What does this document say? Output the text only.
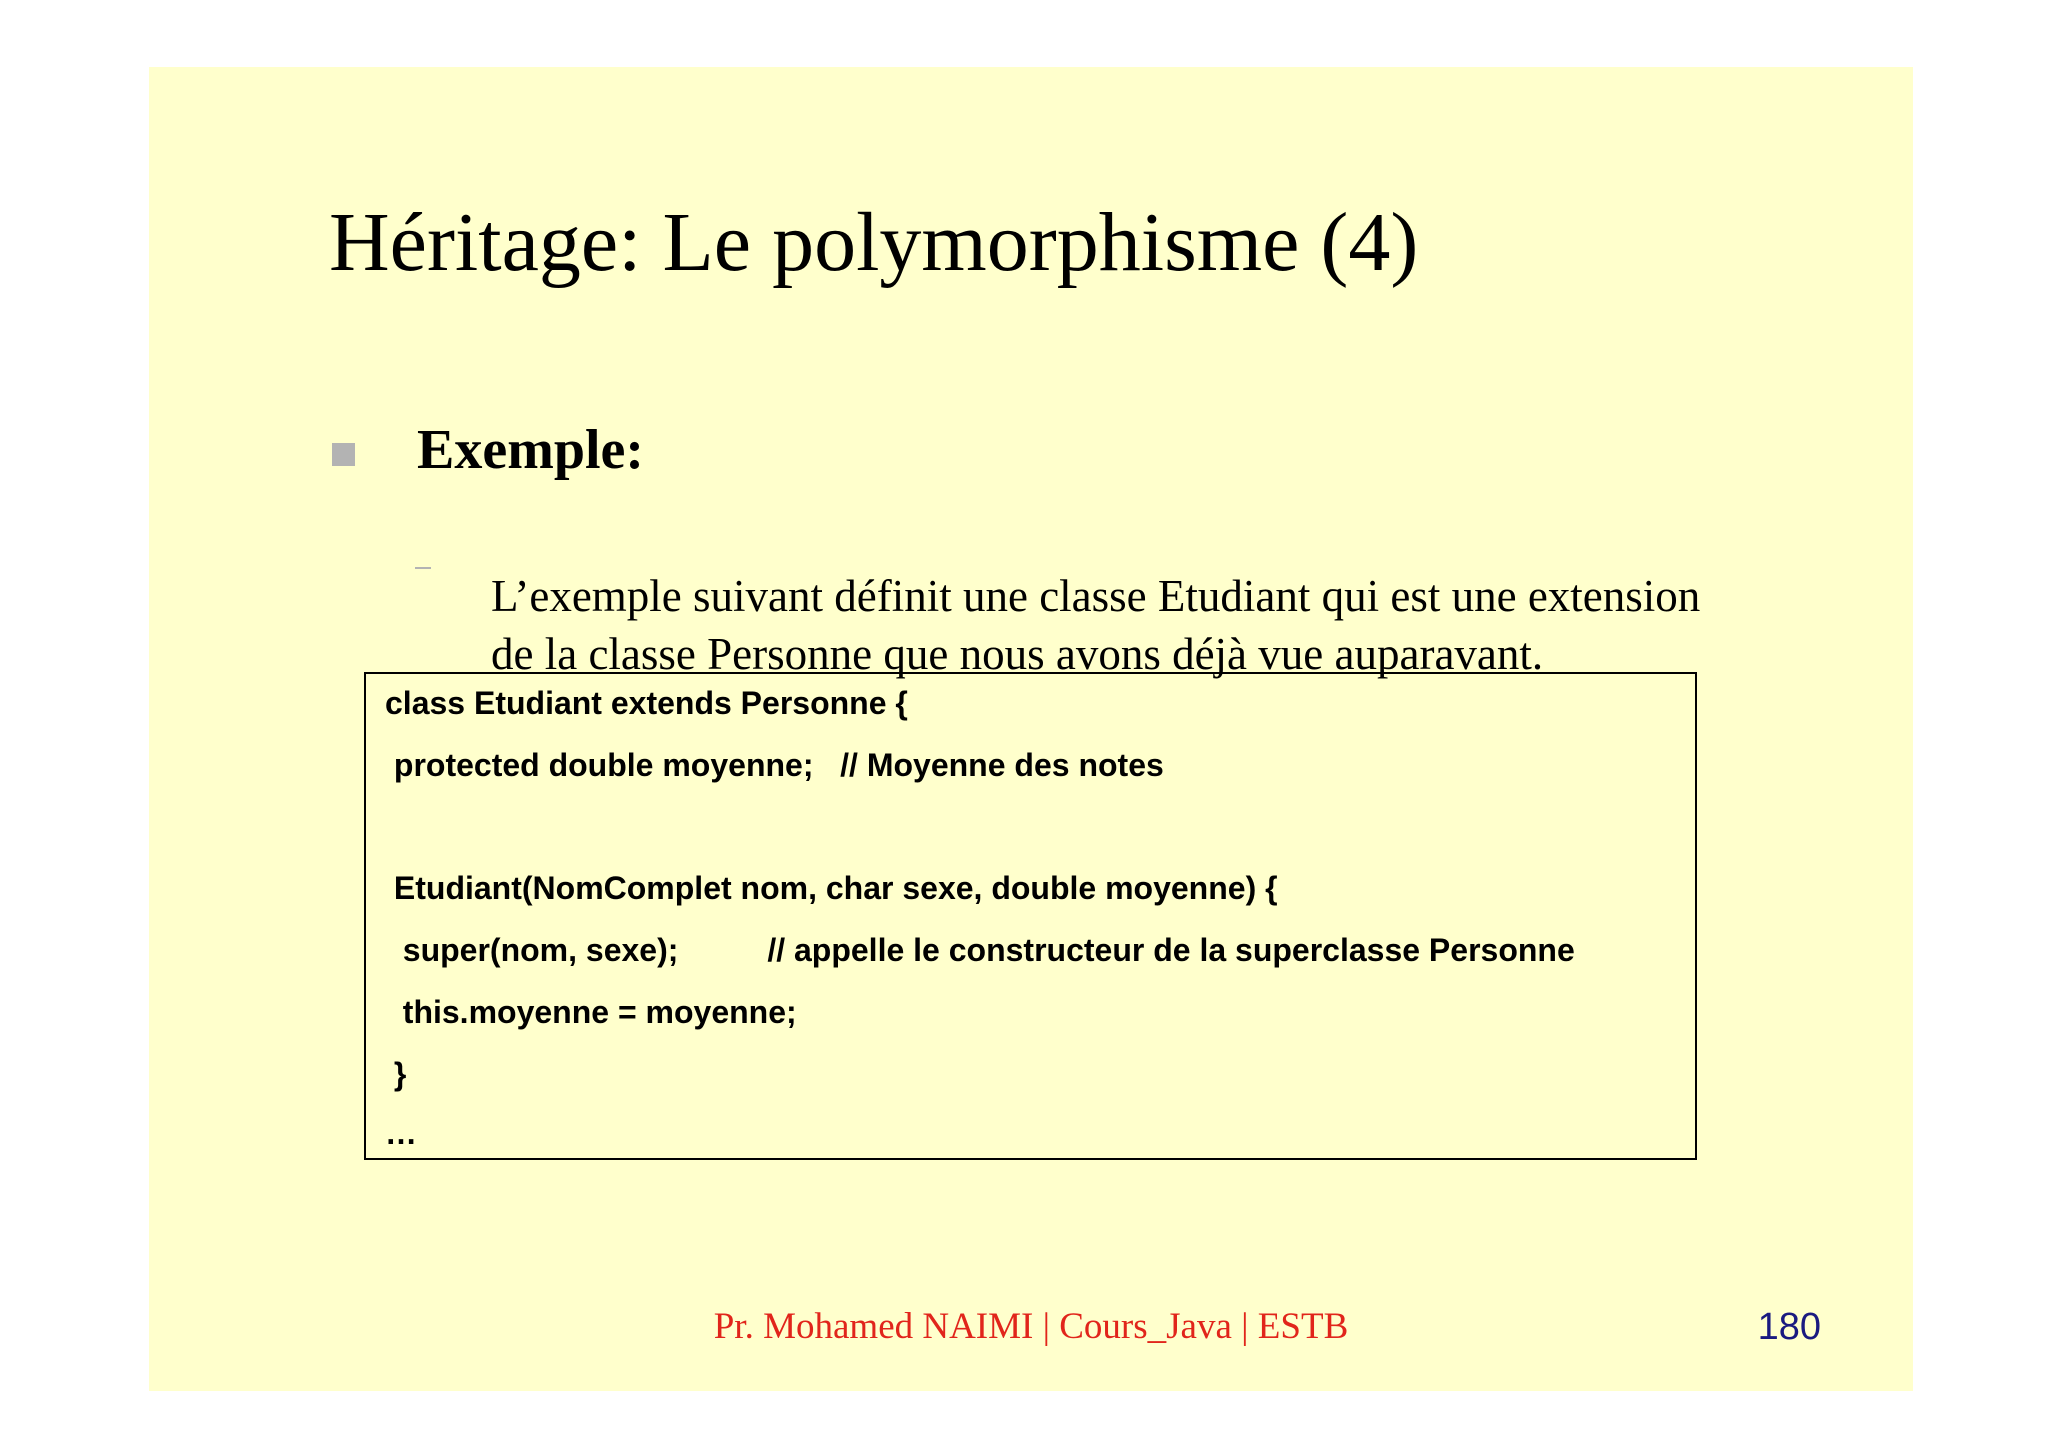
Héritage: Le polymorphisme (4)
Exemple:
L’exemple suivant définit une classe Etudiant qui est une extension
de la classe Personne que nous avons déjà vue auparavant.
class Etudiant extends Personne {
protected double moyenne;   // Moyenne des notes
Etudiant(NomComplet nom, char sexe, double moyenne) {
super(nom, sexe);          // appelle le constructeur de la superclasse Personne
this.moyenne = moyenne;
}
…
Pr. Mohamed NAIMI | Cours_Java | ESTB	180
